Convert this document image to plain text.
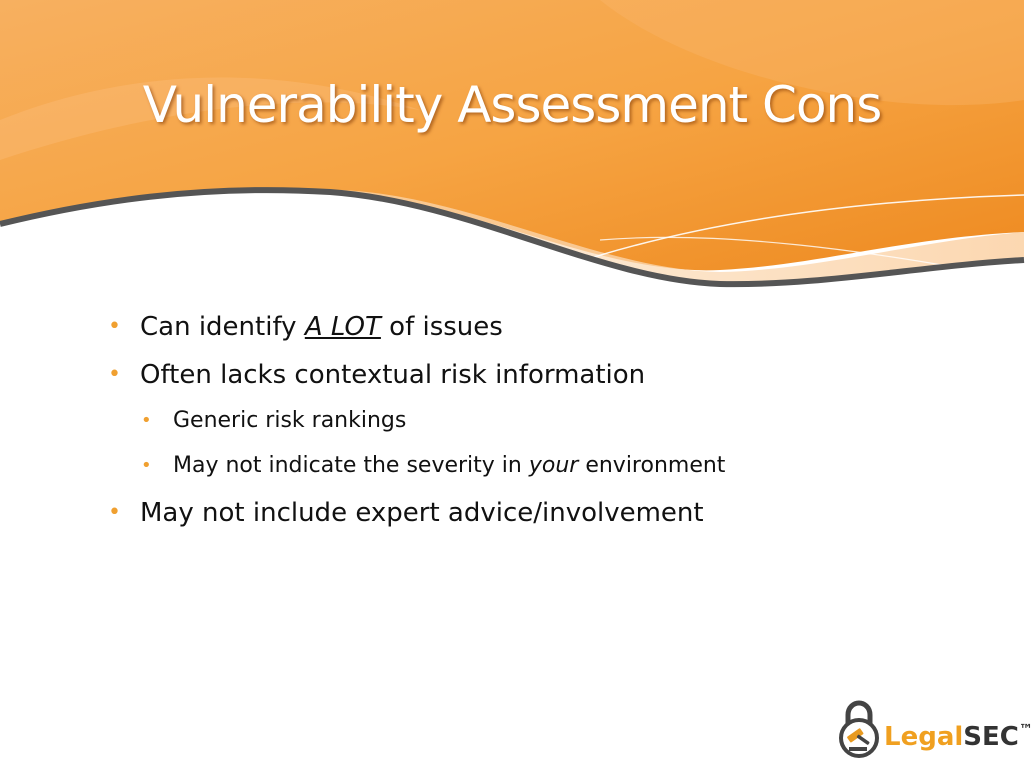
Vulnerability Assessment Cons
• Can identify A LOT of issues
• Often lacks contextual risk information
• Generic risk rankings
• May not indicate the severity in your environment
• May not include expert advice/involvement
LegalSEC™
